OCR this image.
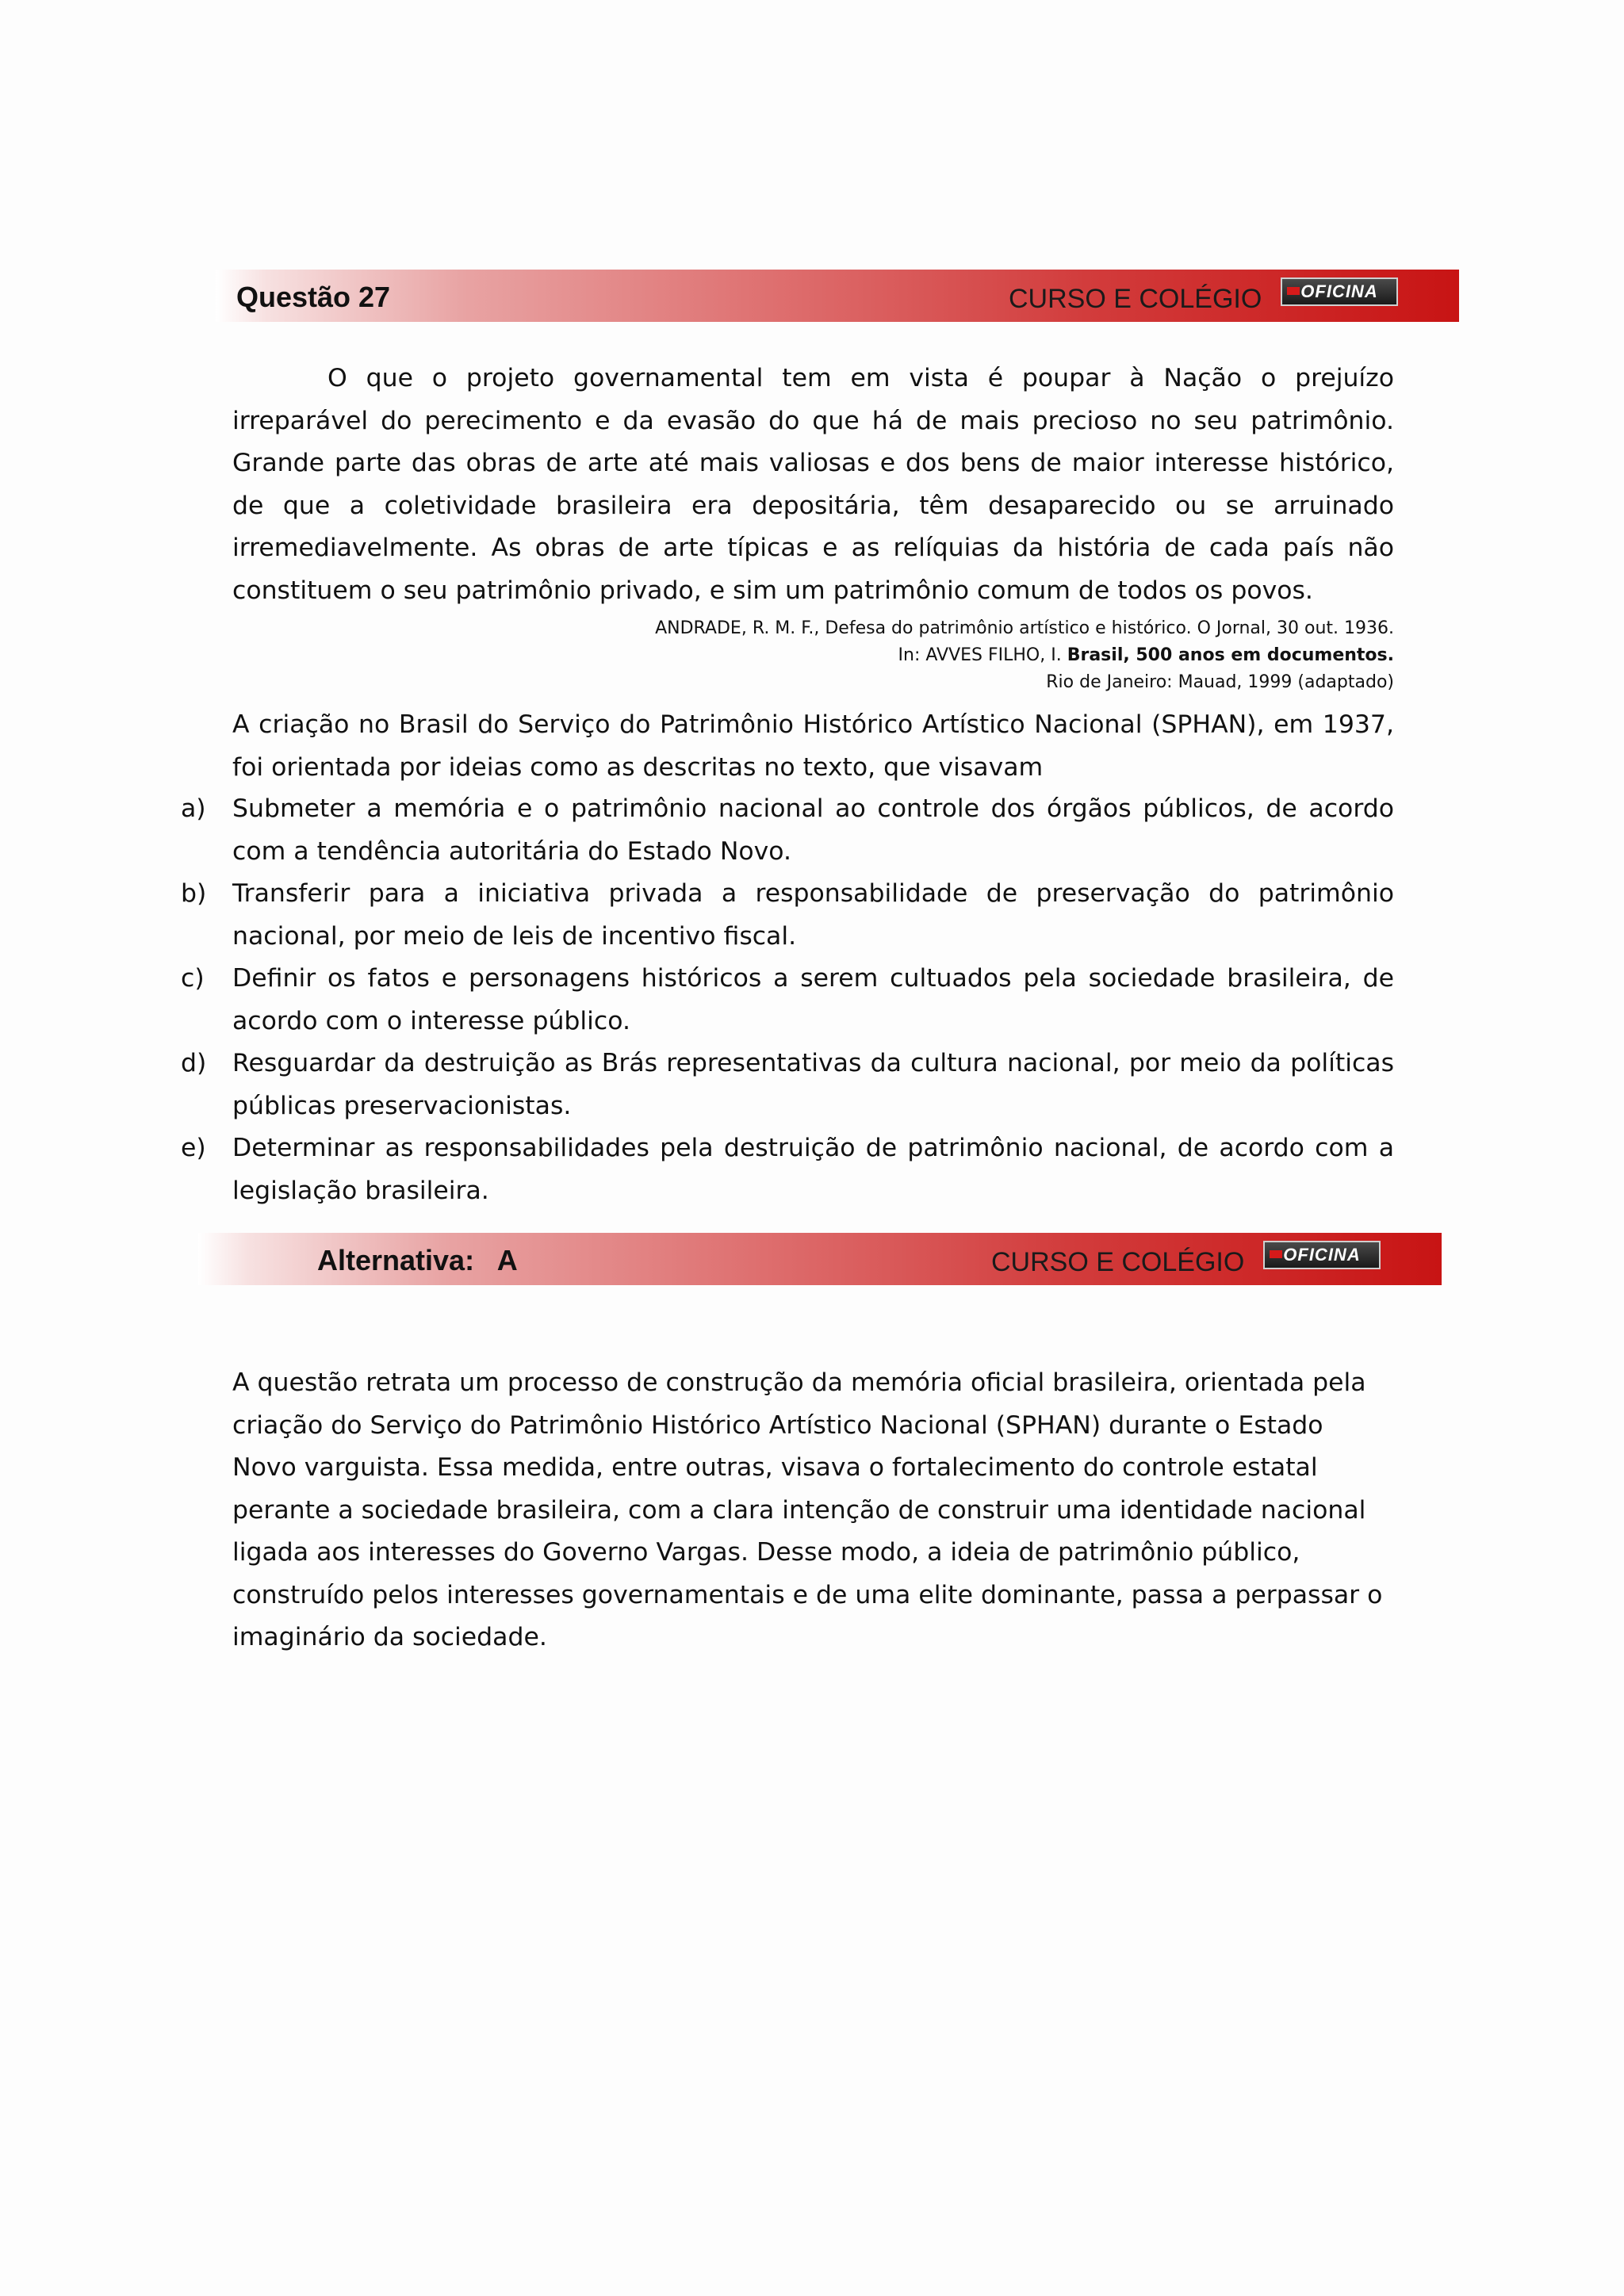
Questão 27	CURSO E COLÉGIO	OFICINA

O que o projeto governamental tem em vista é poupar à Nação o prejuízo irreparável do perecimento e da evasão do que há de mais precioso no seu patrimônio. Grande parte das obras de arte até mais valiosas e dos bens de maior interesse histórico, de que a coletividade brasileira era depositária, têm desaparecido ou se arruinado irremediavelmente. As obras de arte típicas e as relíquias da história de cada país não constituem o seu patrimônio privado, e sim um patrimônio comum de todos os povos.

ANDRADE, R. M. F., Defesa do patrimônio artístico e histórico. O Jornal, 30 out. 1936.
In: AVVES FILHO, I. Brasil, 500 anos em documentos.
Rio de Janeiro: Mauad, 1999 (adaptado)

A criação no Brasil do Serviço do Patrimônio Histórico Artístico Nacional (SPHAN), em 1937, foi orientada por ideias como as descritas no texto, que visavam

a) Submeter a memória e o patrimônio nacional ao controle dos órgãos públicos, de acordo com a tendência autoritária do Estado Novo.
b) Transferir para a iniciativa privada a responsabilidade de preservação do patrimônio nacional, por meio de leis de incentivo fiscal.
c) Definir os fatos e personagens históricos a serem cultuados pela sociedade brasileira, de acordo com o interesse público.
d) Resguardar da destruição as Brás representativas da cultura nacional, por meio da políticas públicas preservacionistas.
e) Determinar as responsabilidades pela destruição de patrimônio nacional, de acordo com a legislação brasileira.
Alternativa:   A	CURSO E COLÉGIO	OFICINA

A questão retrata um processo de construção da memória oficial brasileira, orientada pela criação do Serviço do Patrimônio Histórico Artístico Nacional (SPHAN) durante o Estado Novo varguista. Essa medida, entre outras, visava o fortalecimento do controle estatal perante a sociedade brasileira, com a clara intenção de construir uma identidade nacional ligada aos interesses do Governo Vargas. Desse modo, a ideia de patrimônio público, construído pelos interesses governamentais e de uma elite dominante, passa a perpassar o imaginário da sociedade.
